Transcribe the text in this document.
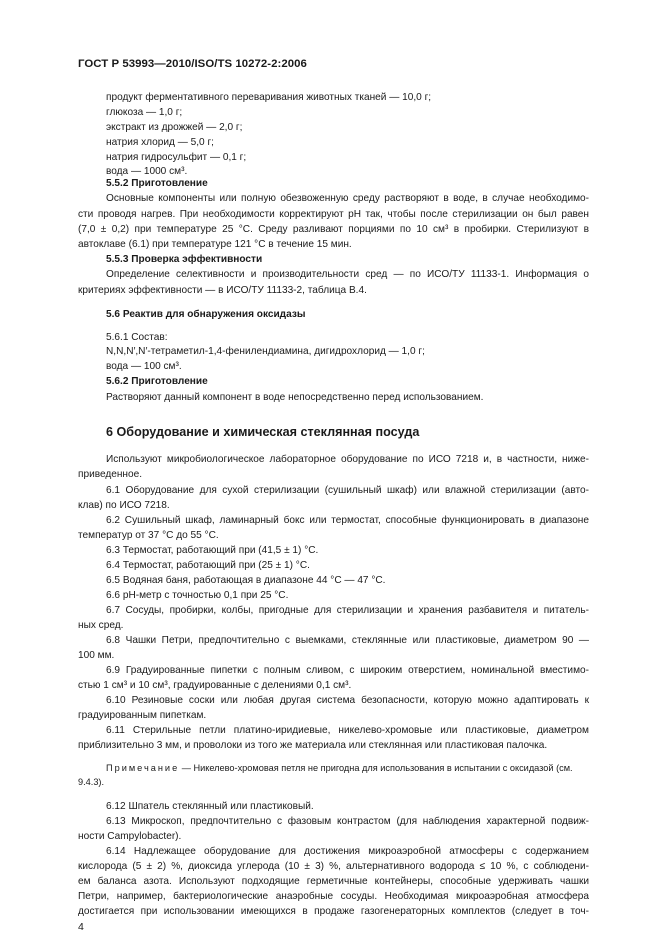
ГОСТ Р 53993—2010/ISO/TS 10272-2:2006
продукт ферментативного переваривания животных тканей — 10,0 г;
глюкоза — 1,0 г;
экстракт из дрожжей — 2,0 г;
натрия хлорид — 5,0 г;
натрия гидросульфит — 0,1 г;
вода — 1000 см³.
5.5.2 Приготовление
Основные компоненты или полную обезвоженную среду растворяют в воде, в случае необходимо-
сти проводя нагрев. При необходимости корректируют pH так, чтобы после стерилизации он был равен
(7,0 ± 0,2) при температуре 25 °С. Среду разливают порциями по 10 см³ в пробирки. Стерилизуют в
автоклаве (6.1) при температуре 121 °С в течение 15 мин.
5.5.3 Проверка эффективности
Определение селективности и производительности сред — по ИСО/ТУ 11133-1. Информация о
критериях эффективности — в ИСО/ТУ 11133-2, таблица В.4.
5.6 Реактив для обнаружения оксидазы
5.6.1 Состав:
N,N,N′,N′-тетраметил-1,4-фенилендиамина, дигидрохлорид — 1,0 г;
вода — 100 см³.
5.6.2 Приготовление
Растворяют данный компонент в воде непосредственно перед использованием.
6 Оборудование и химическая стеклянная посуда
Используют микробиологическое лабораторное оборудование по ИСО 7218 и, в частности, ниже-
приведенное.
6.1 Оборудование для сухой стерилизации (сушильный шкаф) или влажной стерилизации (авто-
клав) по ИСО 7218.
6.2 Сушильный шкаф, ламинарный бокс или термостат, способные функционировать в диапазоне
температур от 37 °С до 55 °С.
6.3 Термостат, работающий при (41,5 ± 1) °С.
6.4 Термостат, работающий при (25 ± 1) °С.
6.5 Водяная баня, работающая в диапазоне 44 °С — 47 °С.
6.6 pH-метр с точностью 0,1 при 25 °С.
6.7 Сосуды, пробирки, колбы, пригодные для стерилизации и хранения разбавителя и питатель-
ных сред.
6.8 Чашки Петри, предпочтительно с выемками, стеклянные или пластиковые, диаметром 90 —
100 мм.
6.9 Градуированные пипетки с полным сливом, с широким отверстием, номинальной вместимо-
стью 1 см³ и 10 см³, градуированные с делениями 0,1 см³.
6.10 Резиновые соски или любая другая система безопасности, которую можно адаптировать к
градуированным пипеткам.
6.11 Стерильные петли платино-иридиевые, никелево-хромовые или пластиковые, диаметром
приблизительно 3 мм, и проволоки из того же материала или стеклянная или пластиковая палочка.
Примечание — Никелево-хромовая петля не пригодна для использования в испытании с оксидазой (см.
9.4.3).
6.12 Шпатель стеклянный или пластиковый.
6.13 Микроскоп, предпочтительно с фазовым контрастом (для наблюдения характерной подвиж-
ности Campylobacter).
6.14 Надлежащее оборудование для достижения микроаэробной атмосферы с содержанием
кислорода (5 ± 2) %, диоксида углерода (10 ± 3) %, альтернативного водорода ≤ 10 %, с соблюдени-
ем баланса азота. Используют подходящие герметичные контейнеры, способные удерживать чашки
Петри, например, бактериологические анаэробные сосуды. Необходимая микроаэробная атмосфера
достигается при использовании имеющихся в продаже газогенераторных комплектов (следует в точ-
4
